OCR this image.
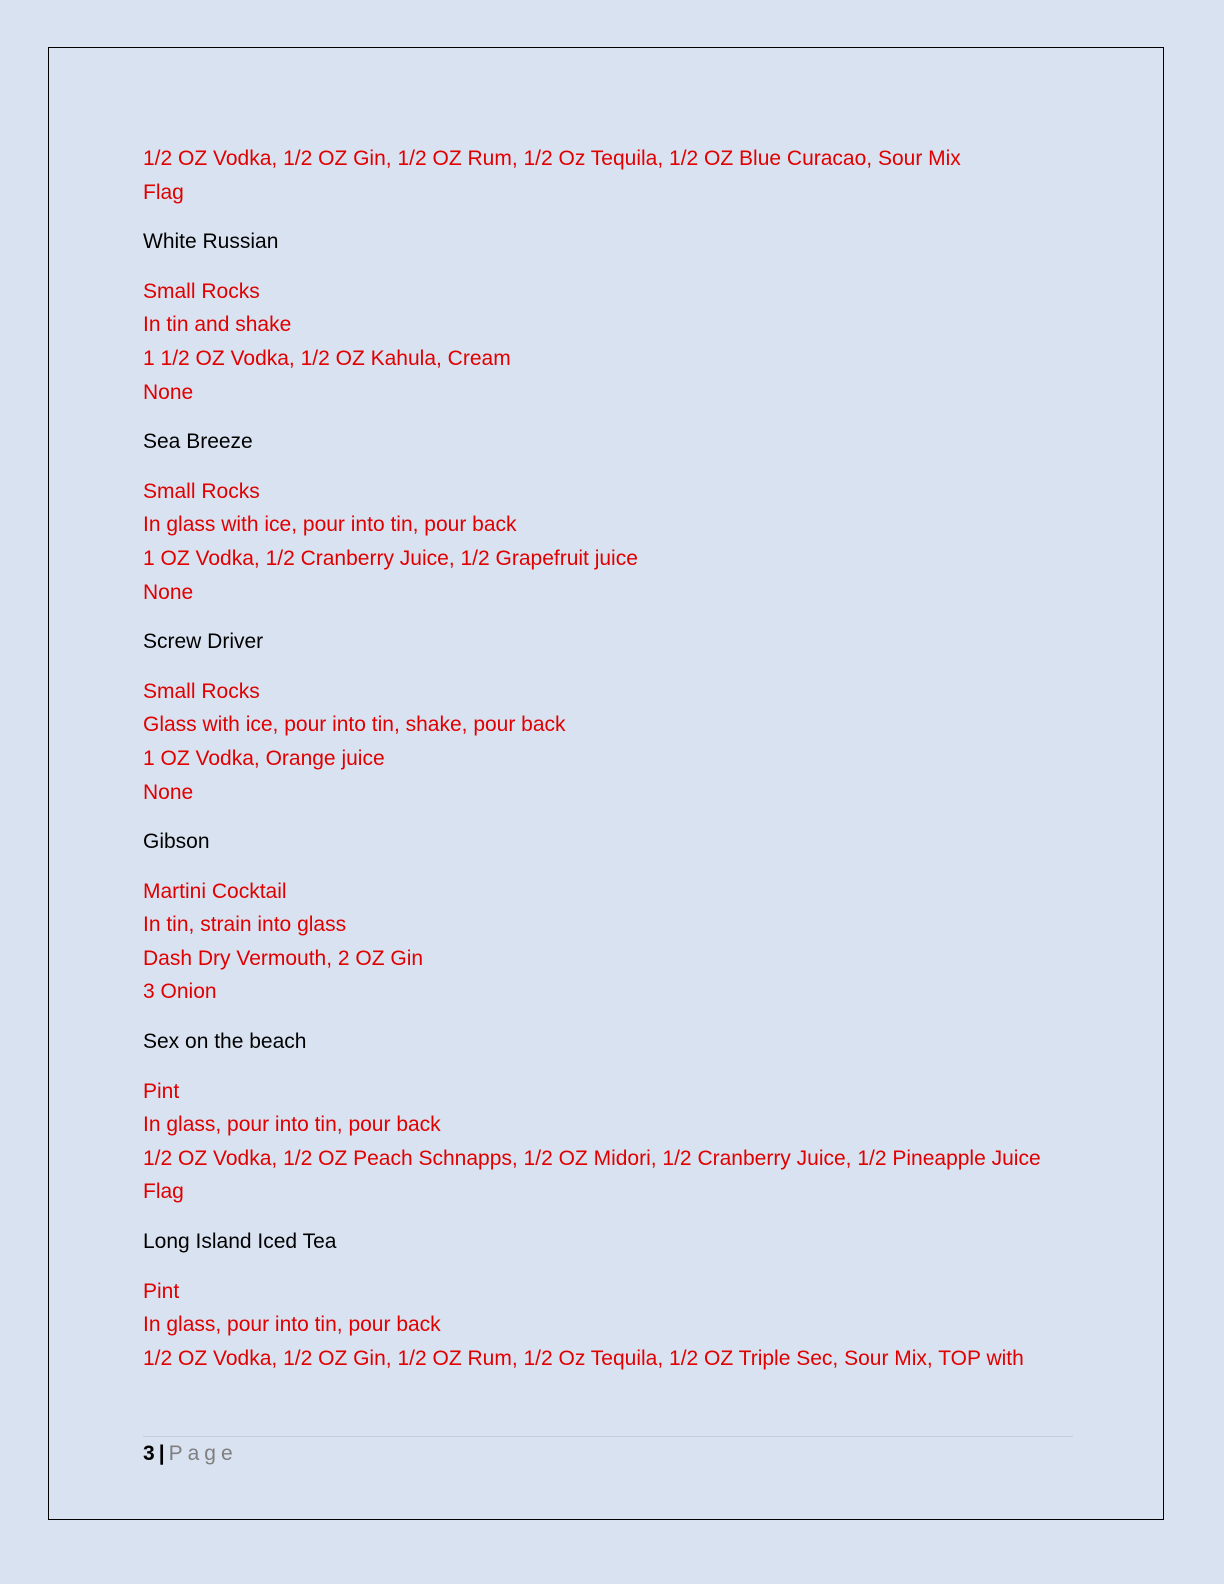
1/2 OZ Vodka, 1/2 OZ Gin, 1/2 OZ Rum, 1/2 Oz Tequila, 1/2 OZ Blue Curacao, Sour Mix
Flag
White Russian
Small Rocks
In tin and shake
1 1/2 OZ Vodka, 1/2 OZ Kahula, Cream
None
Sea Breeze
Small Rocks
In glass with ice, pour into tin, pour back
1 OZ Vodka, 1/2 Cranberry Juice, 1/2 Grapefruit juice
None
Screw Driver
Small Rocks
Glass with ice, pour into tin, shake, pour back
1 OZ Vodka, Orange juice
None
Gibson
Martini Cocktail
In tin, strain into glass
Dash Dry Vermouth, 2 OZ Gin
3 Onion
Sex on the beach
Pint
In glass, pour into tin, pour back
1/2 OZ Vodka, 1/2 OZ Peach Schnapps, 1/2 OZ Midori, 1/2 Cranberry Juice, 1/2 Pineapple Juice
Flag
Long Island Iced Tea
Pint
In glass, pour into tin, pour back
1/2 OZ Vodka, 1/2 OZ Gin, 1/2 OZ Rum, 1/2 Oz Tequila, 1/2 OZ Triple Sec, Sour Mix, TOP with
3 | Page
